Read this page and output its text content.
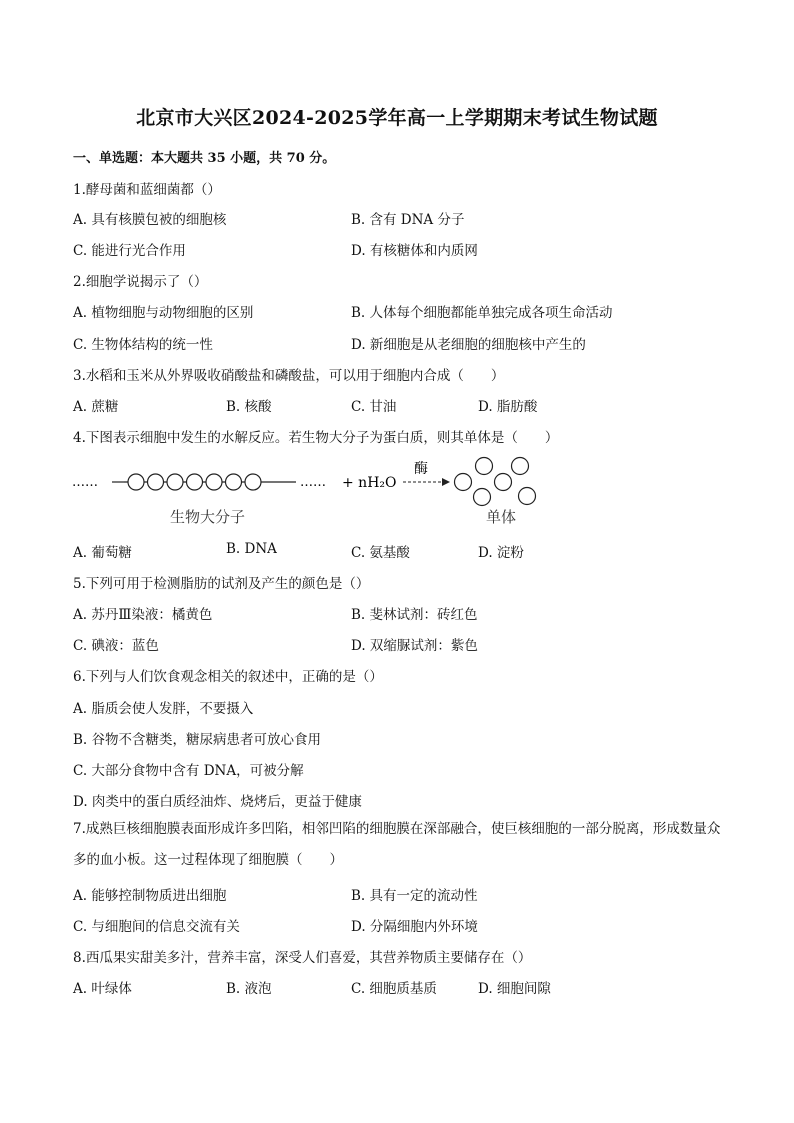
北京市大兴区2024-2025学年高一上学期期末考试生物试题
一、单选题：本大题共 35 小题，共 70 分。
1.酵母菌和蓝细菌都（）
A. 具有核膜包被的细胞核	B. 含有 DNA 分子
C. 能进行光合作用	D. 有核糖体和内质网
2.细胞学说揭示了（）
A. 植物细胞与动物细胞的区别	B. 人体每个细胞都能单独完成各项生命活动
C. 生物体结构的统一性	D. 新细胞是从老细胞的细胞核中产生的
3.水稻和玉米从外界吸收硝酸盐和磷酸盐，可以用于细胞内合成（　　）
A. 蔗糖	B. 核酸	C. 甘油	D. 脂肪酸
4.下图表示细胞中发生的水解反应。若生物大分子为蛋白质，则其单体是（　　）
……	…… + nH₂O
酶
生物大分子	单体
A. 葡萄糖	B. DNA	C. 氨基酸	D. 淀粉
5.下列可用于检测脂肪的试剂及产生的颜色是（）
A. 苏丹Ⅲ染液：橘黄色	B. 斐林试剂：砖红色
C. 碘液：蓝色	D. 双缩脲试剂：紫色
6.下列与人们饮食观念相关的叙述中，正确的是（）
A. 脂质会使人发胖，不要摄入
B. 谷物不含糖类，糖尿病患者可放心食用
C. 大部分食物中含有 DNA，可被分解
D. 肉类中的蛋白质经油炸、烧烤后，更益于健康
7.成熟巨核细胞膜表面形成许多凹陷，相邻凹陷的细胞膜在深部融合，使巨核细胞的一部分脱离，形成数量众多的血小板。这一过程体现了细胞膜（　　）
A. 能够控制物质进出细胞	B. 具有一定的流动性
C. 与细胞间的信息交流有关	D. 分隔细胞内外环境
8.西瓜果实甜美多汁，营养丰富，深受人们喜爱，其营养物质主要储存在（）
A. 叶绿体	B. 液泡	C. 细胞质基质	D. 细胞间隙
